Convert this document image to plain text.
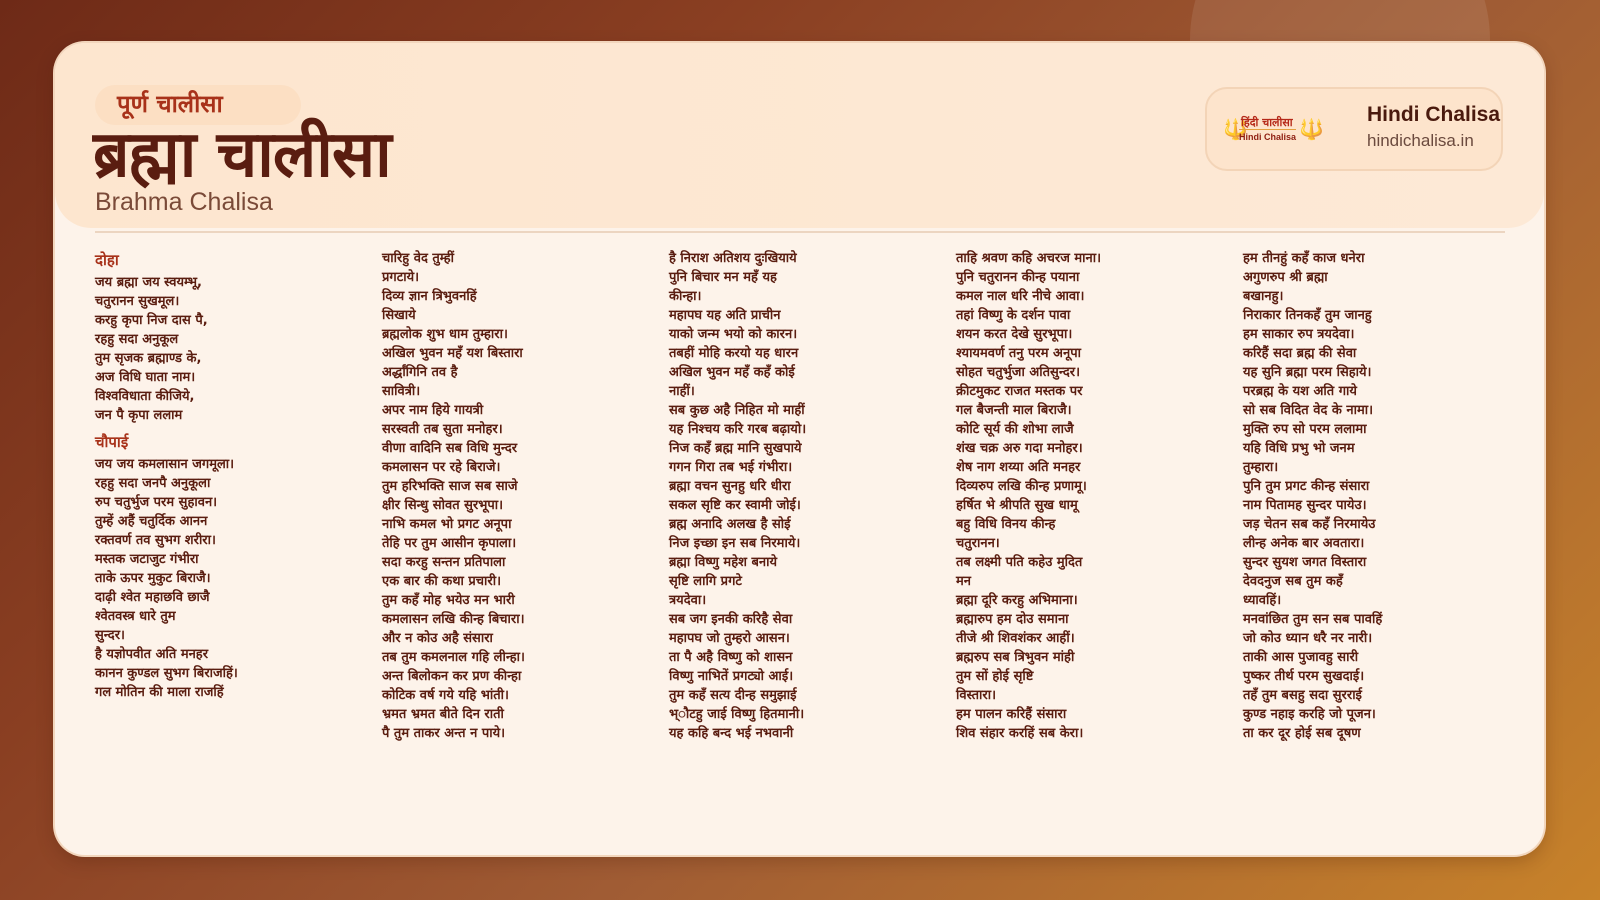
पूर्ण चालीसा
ब्रह्मा चालीसा
Brahma Chalisa
🔱
हिंदी चालीसा
Hindi Chalisa 🔱
Hindi Chalisa
hindichalisa.in
दोहा
जय ब्रह्मा जय स्वयम्भू,
चतुरानन सुखमूल।
करहु कृपा निज दास पै,
रहहु सदा अनुकूल
तुम सृजक ब्रह्माण्ड के,
अज विधि घाता नाम।
विश्वविधाता कीजिये,
जन पै कृपा ललाम
चौपाई
जय जय कमलासान जगमूला।
रहहु सदा जनपै अनुकूला
रुप चतुर्भुज परम सुहावन।
तुम्हें अहैं चतुर्दिक आनन
रक्तवर्ण तव सुभग शरीरा।
मस्तक जटाजुट गंभीरा
ताके ऊपर मुकुट बिराजै।
दाढ़ी श्वेत महाछवि छाजै
श्वेतवस्त्र धारे तुम
सुन्दर।
है यज्ञोपवीत अति मनहर
कानन कुण्डल सुभग बिराजहिं।
गल मोतिन की माला राजहिं
चारिहु वेद तुम्हीं
प्रगटाये।
दिव्य ज्ञान त्रिभुवनहिं
सिखाये
ब्रह्मलोक शुभ धाम तुम्हारा।
अखिल भुवन महँ यश बिस्तारा
अर्द्धांगिनि तव है
सावित्री।
अपर नाम हिये गायत्री
सरस्वती तब सुता मनोहर।
वीणा वादिनि सब विधि मुन्दर
कमलासन पर रहे बिराजे।
तुम हरिभक्ति साज सब साजे
क्षीर सिन्धु सोवत सुरभूपा।
नाभि कमल भो प्रगट अनूपा
तेहि पर तुम आसीन कृपाला।
सदा करहु सन्तन प्रतिपाला
एक बार की कथा प्रचारी।
तुम कहँ मोह भयेउ मन भारी
कमलासन लखि कीन्ह बिचारा।
और न कोउ अहै संसारा
तब तुम कमलनाल गहि लीन्हा।
अन्त बिलोकन कर प्रण कीन्हा
कोटिक वर्ष गये यहि भांती।
भ्रमत भ्रमत बीते दिन राती
पै तुम ताकर अन्त न पाये।
है निराश अतिशय दुःखियाये
पुनि बिचार मन महँ यह
कीन्हा।
महापघ यह अति प्राचीन
याको जन्म भयो को कारन।
तबहीं मोहि करयो यह धारन
अखिल भुवन महँ कहँ कोई
नाहीं।
सब कुछ अहै निहित मो माहीं
यह निश्चय करि गरब बढ़ायो।
निज कहँ ब्रह्म मानि सुखपाये
गगन गिरा तब भई गंभीरा।
ब्रह्मा वचन सुनहु धरि धीरा
सकल सृष्टि कर स्वामी जोई।
ब्रह्म अनादि अलख है सोई
निज इच्छा इन सब निरमाये।
ब्रह्मा विष्णु महेश बनाये
सृष्टि लागि प्रगटे
त्रयदेवा।
सब जग इनकी करिहै सेवा
महापघ जो तुम्हरो आसन।
ता पै अहै विष्णु को शासन
विष्णु नाभितें प्रगट्यो आई।
तुम कहँ सत्य दीन्ह समुझाई
भ्ौटहु जाई विष्णु हितमानी।
यह कहि बन्द भई नभवानी
ताहि श्रवण कहि अचरज माना।
पुनि चतुरानन कीन्ह पयाना
कमल नाल धरि नीचे आवा।
तहां विष्णु के दर्शन पावा
शयन करत देखे सुरभूपा।
श्यायमवर्ण तनु परम अनूपा
सोहत चतुर्भुजा अतिसुन्दर।
क्रीटमुकट राजत मस्तक पर
गल बैजन्ती माल बिराजै।
कोटि सूर्य की शोभा लाजै
शंख चक्र अरु गदा मनोहर।
शेष नाग शय्या अति मनहर
दिव्यरुप लखि कीन्ह प्रणामू।
हर्षित भे श्रीपति सुख धामू
बहु विधि विनय कीन्ह
चतुरानन।
तब लक्ष्मी पति कहेउ मुदित
मन
ब्रह्मा दूरि करहु अभिमाना।
ब्रह्मारुप हम दोउ समाना
तीजे श्री शिवशंकर आहीं।
ब्रह्मरुप सब त्रिभुवन मांही
तुम सों होई सृष्टि
विस्तारा।
हम पालन करिहैं संसारा
शिव संहार करहिं सब केरा।
हम तीनहुं कहँ काज धनेरा
अगुणरुप श्री ब्रह्मा
बखानहु।
निराकार तिनकहँ तुम जानहु
हम साकार रुप त्रयदेवा।
करिहैं सदा ब्रह्म की सेवा
यह सुनि ब्रह्मा परम सिहाये।
परब्रह्म के यश अति गाये
सो सब विदित वेद के नामा।
मुक्ति रुप सो परम ललामा
यहि विधि प्रभु भो जनम
तुम्हारा।
पुनि तुम प्रगट कीन्ह संसारा
नाम पितामह सुन्दर पायेउ।
जड़ चेतन सब कहँ निरमायेउ
लीन्ह अनेक बार अवतारा।
सुन्दर सुयश जगत विस्तारा
देवदनुज सब तुम कहँ
ध्यावहिं।
मनवांछित तुम सन सब पावहिं
जो कोउ ध्यान धरै नर नारी।
ताकी आस पुजावहु सारी
पुष्कर तीर्थ परम सुखदाई।
तहँ तुम बसहु सदा सुरराई
कुण्ड नहाइ करहि जो पूजन।
ता कर दूर होई सब दूषण
